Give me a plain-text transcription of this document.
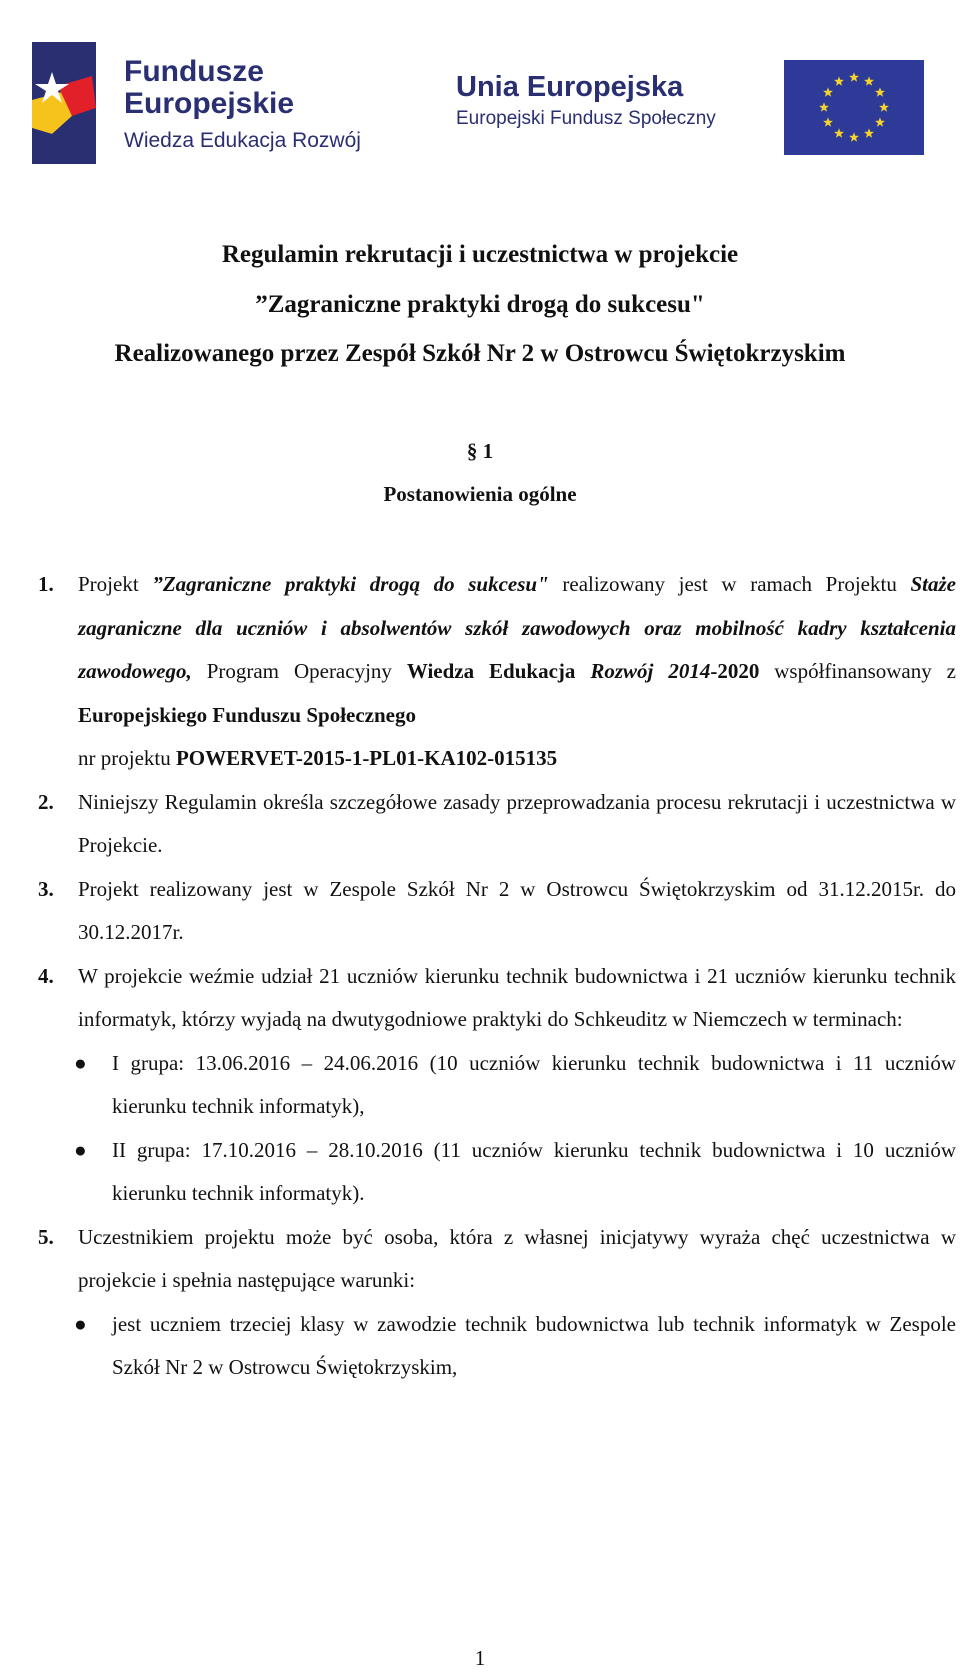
Fundusze
Europejskie
Wiedza Edukacja Rozwój
Unia Europejska
Europejski Fundusz Społeczny
Regulamin rekrutacji i uczestnictwa w projekcie
”Zagraniczne praktyki drogą do sukcesu"
Realizowanego przez Zespół Szkół Nr 2 w Ostrowcu Świętokrzyskim
§ 1
Postanowienia ogólne
1. Projekt ”Zagraniczne praktyki drogą do sukcesu" realizowany jest w ramach Projektu Staże zagraniczne dla uczniów i absolwentów szkół zawodowych oraz mobilność kadry kształcenia zawodowego, Program Operacyjny Wiedza Edukacja Rozwój 2014-2020 współfinansowany z Europejskiego Funduszu Społecznego
nr projektu POWERVET-2015-1-PL01-KA102-015135
2. Niniejszy Regulamin określa szczegółowe zasady przeprowadzania procesu rekrutacji i uczestnictwa w Projekcie.
3. Projekt realizowany jest w Zespole Szkół Nr 2 w Ostrowcu Świętokrzyskim od 31.12.2015r. do 30.12.2017r.
4. W projekcie weźmie udział 21 uczniów kierunku technik budownictwa i 21 uczniów kierunku technik informatyk, którzy wyjadą na dwutygodniowe praktyki do Schkeuditz w Niemczech w terminach:
● I grupa: 13.06.2016 – 24.06.2016 (10 uczniów kierunku technik budownictwa i 11 uczniów kierunku technik informatyk),
● II grupa: 17.10.2016 – 28.10.2016 (11 uczniów kierunku technik budownictwa i 10 uczniów kierunku technik informatyk).
5. Uczestnikiem projektu może być osoba, która z własnej inicjatywy wyraża chęć uczestnictwa w projekcie i spełnia następujące warunki:
● jest uczniem trzeciej klasy w zawodzie technik budownictwa lub technik informatyk w Zespole Szkół Nr 2 w Ostrowcu Świętokrzyskim,
1
